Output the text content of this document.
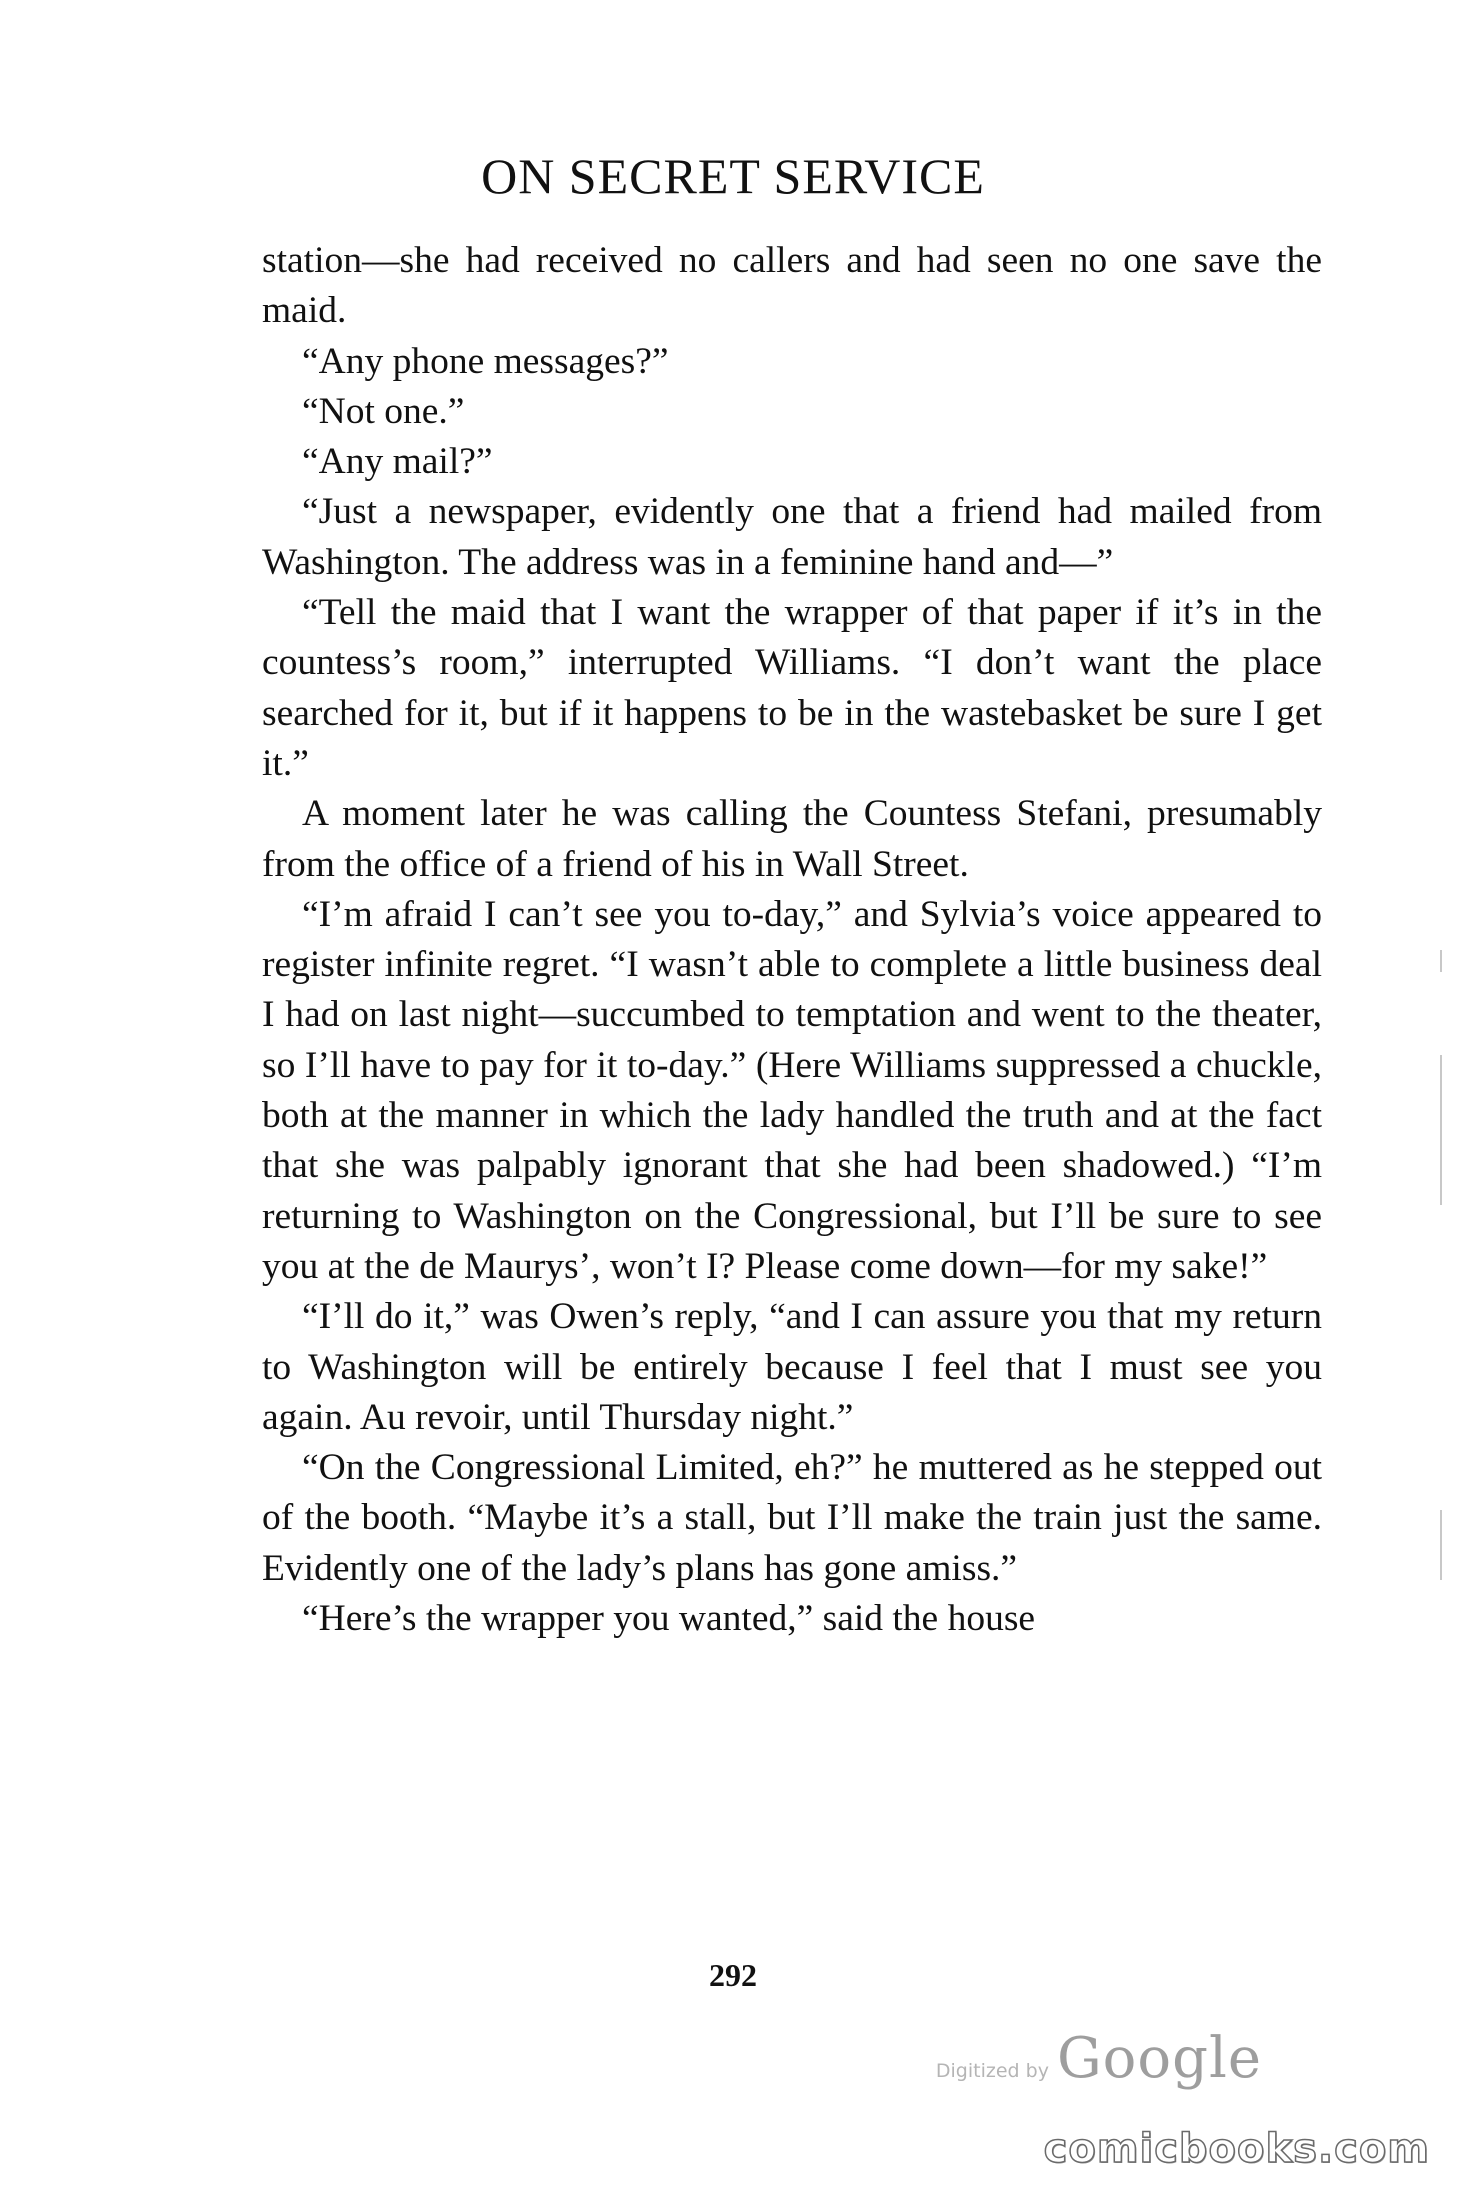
ON SECRET SERVICE

station—she had received no callers and had seen no one save the maid.

“Any phone messages?”

“Not one.”

“Any mail?”

“Just a newspaper, evidently one that a friend had mailed from Washington. The address was in a feminine hand and—”

“Tell the maid that I want the wrapper of that paper if it’s in the countess’s room,” interrupted Williams. “I don’t want the place searched for it, but if it happens to be in the wastebasket be sure I get it.”

A moment later he was calling the Countess Stefani, presumably from the office of a friend of his in Wall Street.

“I’m afraid I can’t see you to-day,” and Sylvia’s voice appeared to register infinite regret. “I wasn’t able to complete a little business deal I had on last night—succumbed to temptation and went to the theater, so I’ll have to pay for it to-day.” (Here Williams suppressed a chuckle, both at the manner in which the lady handled the truth and at the fact that she was palpably ignorant that she had been shadowed.) “I’m returning to Washington on the Congressional, but I’ll be sure to see you at the de Maurys’, won’t I? Please come down—for my sake!”

“I’ll do it,” was Owen’s reply, “and I can assure you that my return to Washington will be entirely because I feel that I must see you again. Au revoir, until Thursday night.”

“On the Congressional Limited, eh?” he muttered as he stepped out of the booth. “Maybe it’s a stall, but I’ll make the train just the same. Evidently one of the lady’s plans has gone amiss.”

“Here’s the wrapper you wanted,” said the house

292
Digitized by Google
comicbooks.com
